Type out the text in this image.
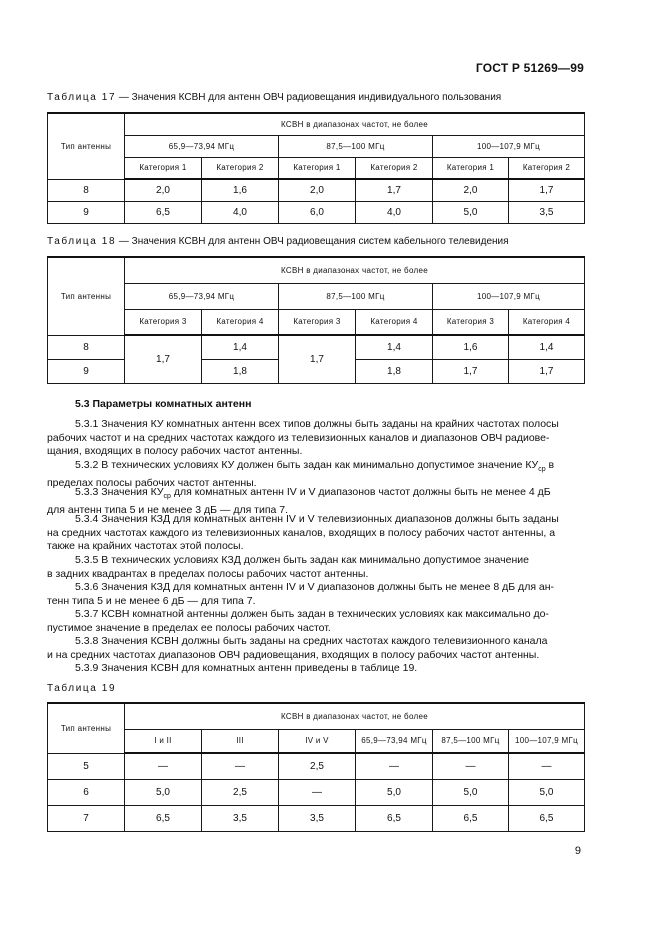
ГОСТ Р 51269—99
Таблица 17 — Значения КСВН для антенн ОВЧ радиовещания индивидуального пользования
Тип антенны	КСВН в диапазонах частот, не более					
	65,9—73,94 МГц		87,5—100 МГц		100—107,9 МГц	
	Категория 1	Категория 2	Категория 1	Категория 2	Категория 1	Категория 2
8	2,0	1,6	2,0	1,7	2,0	1,7
9	6,5	4,0	6,0	4,0	5,0	3,5
Таблица 18 — Значения КСВН для антенн ОВЧ радиовещания систем кабельного телевидения
Тип антенны	КСВН в диапазонах частот, не более					
	65,9—73,94 МГц		87,5—100 МГц		100—107,9 МГц	
	Категория 3	Категория 4	Категория 3	Категория 4	Категория 3	Категория 4
8	1,7	1,4	1,7	1,4	1,6	1,4
9		1,8		1,8	1,7	1,7
5.3 Параметры комнатных антенн
5.3.1 Значения КУ комнатных антенн всех типов должны быть заданы на крайних частотах полосы
рабочих частот и на средних частотах каждого из телевизионных каналов и диапазонов ОВЧ радиове-
щания, входящих в полосу рабочих частот антенны.
5.3.2 В технических условиях КУ должен быть задан как минимально допустимое значение $КУ_{ср}$ в
пределах полосы рабочих частот антенны.
5.3.3 Значения $КУ_{ср}$ для комнатных антенн IV и V диапазонов частот должны быть не менее 4 дБ
для антенн типа 5 и не менее 3 дБ — для типа 7.
5.3.4 Значения КЗД для комнатных антенн IV и V телевизионных диапазонов должны быть заданы
на средних частотах каждого из телевизионных каналов, входящих в полосу рабочих частот антенны, а
также на крайних частотах этой полосы.
5.3.5 В технических условиях КЗД должен быть задан как минимально допустимое значение
в задних квадрантах в пределах полосы рабочих частот антенны.
5.3.6 Значения КЗД для комнатных антенн IV и V диапазонов должны быть не менее 8 дБ для ан-
тенн типа 5 и не менее 6 дБ — для типа 7.
5.3.7 КСВН комнатной антенны должен быть задан в технических условиях как максимально до-
пустимое значение в пределах ее полосы рабочих частот.
5.3.8 Значения КСВН должны быть заданы на средних частотах каждого телевизионного канала
и на средних частотах диапазонов ОВЧ радиовещания, входящих в полосу рабочих частот антенны.
5.3.9 Значения КСВН для комнатных антенн приведены в таблице 19.
Таблица 19
Тип антенны	КСВН в диапазонах частот, не более					
	I и II	III	IV и V	65,9—73,94 МГц	87,5—100 МГц	100—107,9 МГц
5	—	—	2,5	—	—	—
6	5,0	2,5	—	5,0	5,0	5,0
7	6,5	3,5	3,5	6,5	6,5	6,5
9
